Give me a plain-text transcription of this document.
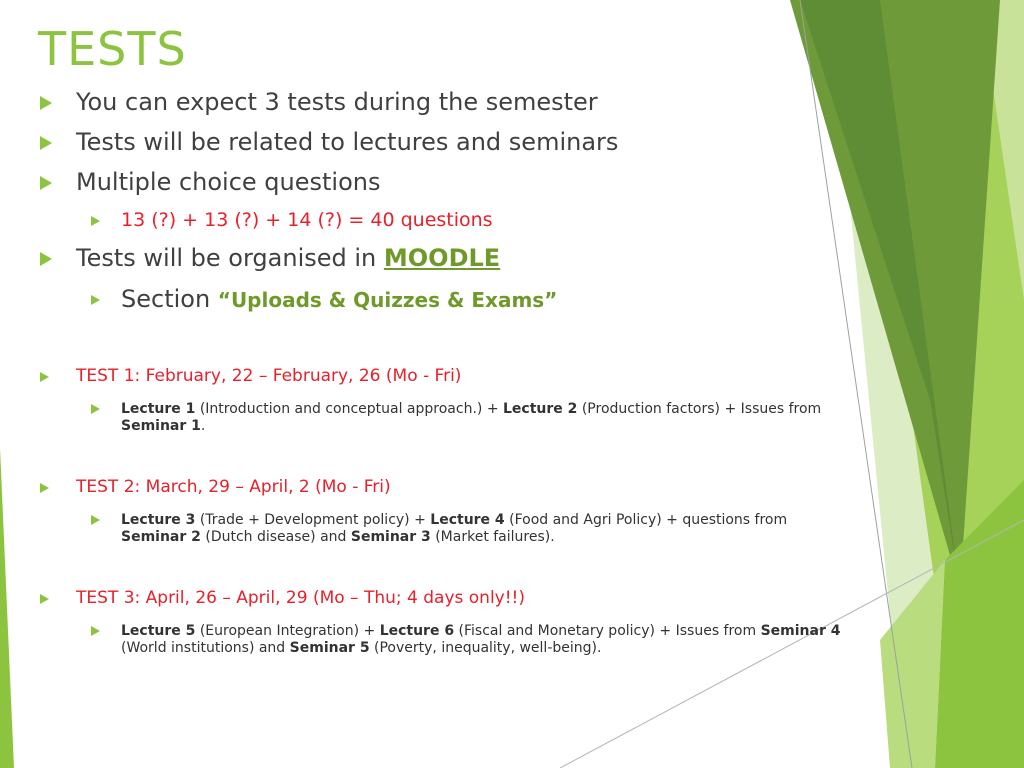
TESTS
You can expect 3 tests during the semester
Tests will be related to lectures and seminars
Multiple choice questions
13 (?) + 13 (?) + 14 (?) = 40 questions
Tests will be organised in MOODLE
Section “Uploads & Quizzes & Exams”
TEST 1: February, 22 – February, 26 (Mo - Fri)
Lecture 1 (Introduction and conceptual approach.) + Lecture 2 (Production factors) + Issues from Seminar 1.
TEST 2: March, 29 – April, 2 (Mo - Fri)
Lecture 3 (Trade + Development policy) + Lecture 4 (Food and Agri Policy) + questions from Seminar 2 (Dutch disease) and Seminar 3 (Market failures).
TEST 3: April, 26 – April, 29 (Mo – Thu; 4 days only!!)
Lecture 5 (European Integration) + Lecture 6 (Fiscal and Monetary policy) + Issues from Seminar 4 (World institutions) and Seminar 5 (Poverty, inequality, well-being).
